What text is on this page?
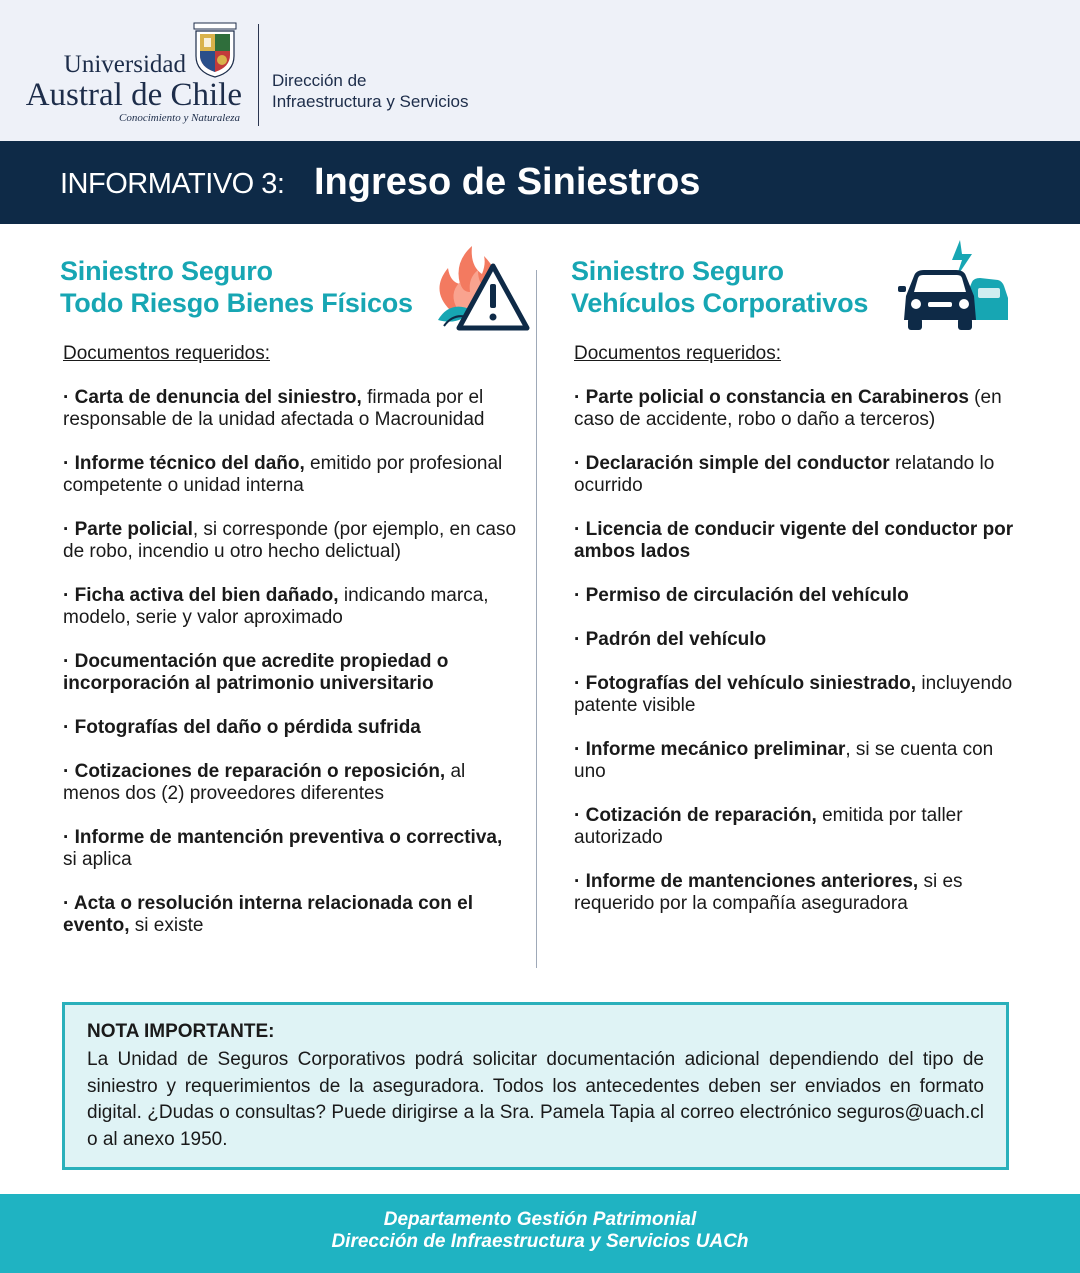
Universidad
Austral de Chile
Conocimiento y Naturaleza
Dirección de
Infraestructura y Servicios
INFORMATIVO 3: Ingreso de Siniestros
Siniestro Seguro
Todo Riesgo Bienes Físicos
Documentos requeridos:
· Carta de denuncia del siniestro, firmada por el responsable de la unidad afectada o Macrounidad
· Informe técnico del daño, emitido por profesional competente o unidad interna
· Parte policial, si corresponde (por ejemplo, en caso de robo, incendio u otro hecho delictual)
· Ficha activa del bien dañado, indicando marca, modelo, serie y valor aproximado
· Documentación que acredite propiedad o incorporación al patrimonio universitario
· Fotografías del daño o pérdida sufrida
· Cotizaciones de reparación o reposición, al menos dos (2) proveedores diferentes
· Informe de mantención preventiva o correctiva, si aplica
· Acta o resolución interna relacionada con el evento, si existe
Siniestro Seguro
Vehículos Corporativos
Documentos requeridos:
· Parte policial o constancia en Carabineros (en caso de accidente, robo o daño a terceros)
· Declaración simple del conductor relatando lo ocurrido
· Licencia de conducir vigente del conductor por ambos lados
· Permiso de circulación del vehículo
· Padrón del vehículo
· Fotografías del vehículo siniestrado, incluyendo patente visible
· Informe mecánico preliminar, si se cuenta con uno
· Cotización de reparación, emitida por taller autorizado
· Informe de mantenciones anteriores, si es requerido por la compañía aseguradora
NOTA IMPORTANTE:
La Unidad de Seguros Corporativos podrá solicitar documentación adicional dependiendo del tipo de siniestro y requerimientos de la aseguradora. Todos los antecedentes deben ser enviados en formato digital. ¿Dudas o consultas? Puede dirigirse a la Sra. Pamela Tapia al correo electrónico seguros@uach.cl o al anexo 1950.
Departamento Gestión Patrimonial
Dirección de Infraestructura y Servicios UACh
